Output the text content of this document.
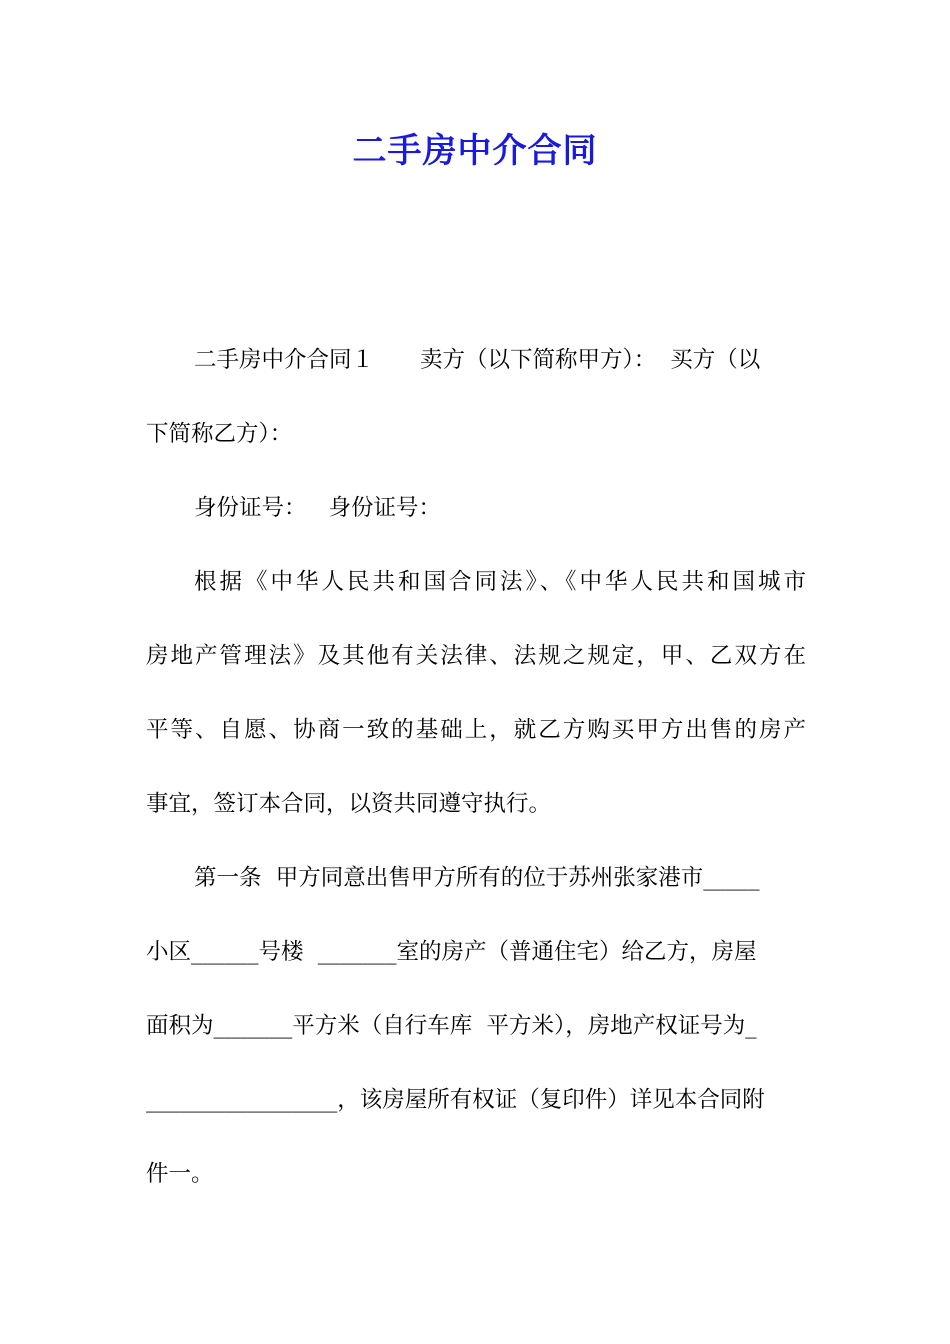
二手房中介合同
二手房中介合同１ 卖方（以下简称甲方）： 买方（以
下简称乙方）：
身份证号： 身份证号：
根据《中华人民共和国合同法》、《中华人民共和国城市
房地产管理法》及其他有关法律、法规之规定，甲、乙双方在
平等、自愿、协商一致的基础上，就乙方购买甲方出售的房产
事宜，签订本合同，以资共同遵守执行。
第一条  甲方同意出售甲方所有的位于苏州张家港市_____
小区______号楼  _______室的房产（普通住宅）给乙方，房屋
面积为_______平方米（自行车库  平方米），房地产权证号为_
_________________，该房屋所有权证（复印件）详见本合同附
件一。
